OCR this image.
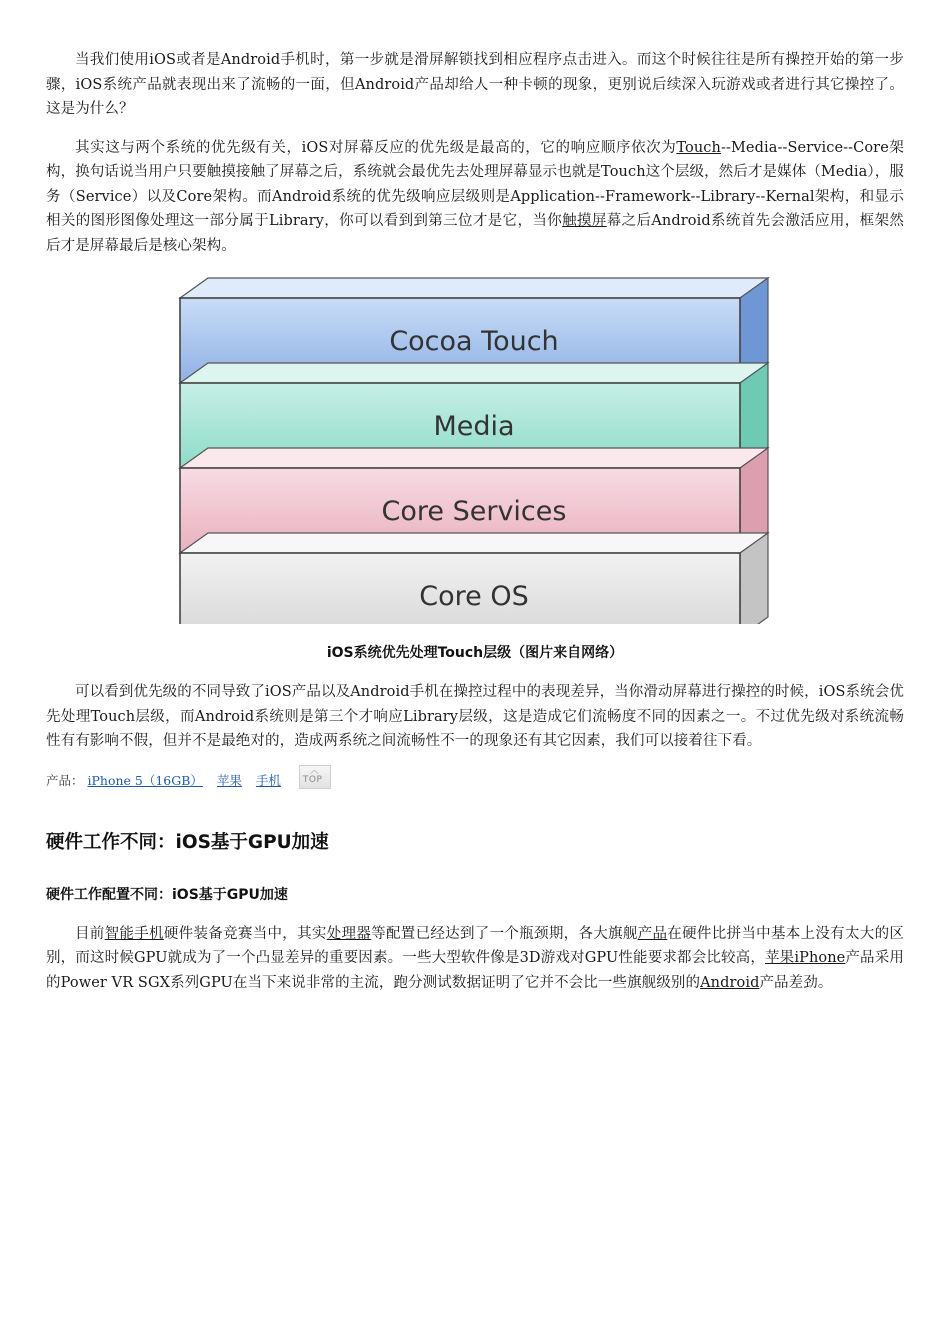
当我们使用iOS或者是Android手机时，第一步就是滑屏解锁找到相应程序点击进入。而这个时候往往是所有操控开始的第一步骤，iOS系统产品就表现出来了流畅的一面，但Android产品却给人一种卡顿的现象，更别说后续深入玩游戏或者进行其它操控了。这是为什么？

其实这与两个系统的优先级有关，iOS对屏幕反应的优先级是最高的，它的响应顺序依次为Touch--Media--Service--Core架构，换句话说当用户只要触摸接触了屏幕之后，系统就会最优先去处理屏幕显示也就是Touch这个层级，然后才是媒体（Media），服务（Service）以及Core架构。而Android系统的优先级响应层级则是Application--Framework--Library--Kernal架构，和显示相关的图形图像处理这一部分属于Library，你可以看到到第三位才是它，当你触摸屏幕之后Android系统首先会激活应用，框架然后才是屏幕最后是核心架构。

Cocoa Touch
Media
Core Services
Core OS
iOS系统优先处理Touch层级（图片来自网络）

可以看到优先级的不同导致了iOS产品以及Android手机在操控过程中的表现差异，当你滑动屏幕进行操控的时候，iOS系统会优先处理Touch层级，而Android系统则是第三个才响应Library层级，这是造成它们流畅度不同的因素之一。不过优先级对系统流畅性有有影响不假，但并不是最绝对的，造成两系统之间流畅性不一的现象还有其它因素，我们可以接着往下看。

产品： iPhone 5（16GB） 苹果 手机
︿
TOP
硬件工作不同：iOS基于GPU加速
硬件工作配置不同：iOS基于GPU加速

目前智能手机硬件装备竞赛当中，其实处理器等配置已经达到了一个瓶颈期，各大旗舰产品在硬件比拼当中基本上没有太大的区别，而这时候GPU就成为了一个凸显差异的重要因素。一些大型软件像是3D游戏对GPU性能要求都会比较高，苹果iPhone产品采用的Power VR SGX系列GPU在当下来说非常的主流，跑分测试数据证明了它并不会比一些旗舰级别的Android产品差劲。
